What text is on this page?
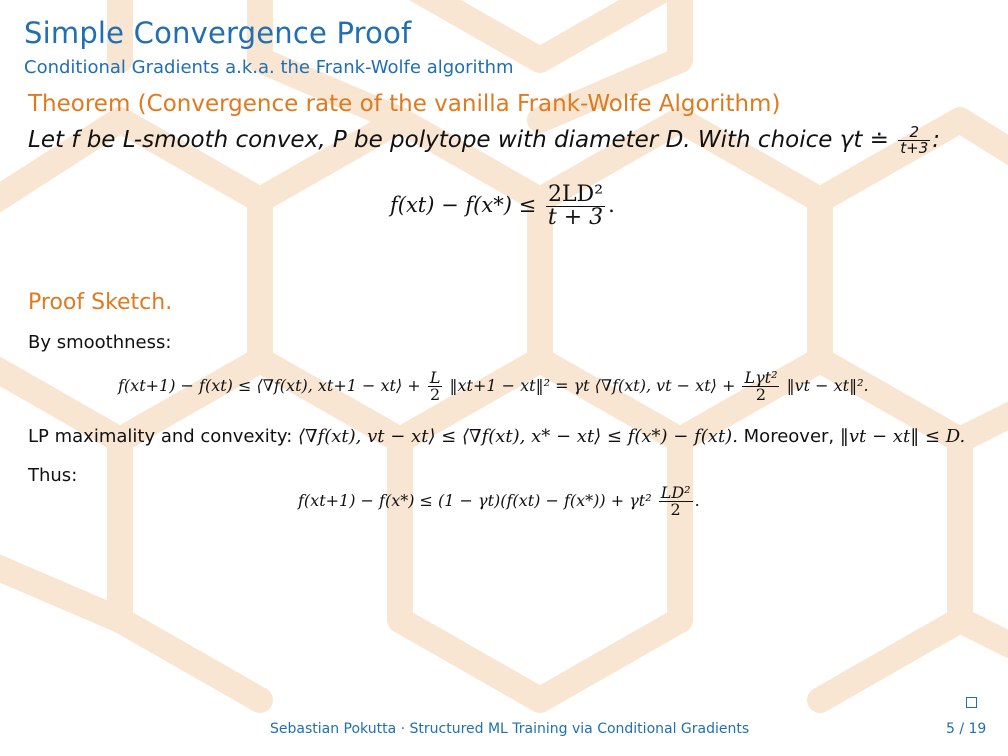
Simple Convergence Proof
Conditional Gradients a.k.a. the Frank-Wolfe algorithm
Theorem (Convergence rate of the vanilla Frank-Wolfe Algorithm)
Let f be L-smooth convex, P be polytope with diameter D. With choice γt ≐ $\frac{2}{t+3}$ :
$f(xt) - f(x*) \le \frac{\text{2LD²}}{t + 3}$ .
Proof Sketch.
By smoothness:
f(xt+1) − f(xt) ≤ ⟨∇f(xt), xt+1 − xt⟩ + $\frac{L}{2}$ ‖xt+1 − xt‖² = γt ⟨∇f(xt), vt − xt⟩ + $\frac{\text{Lγt²}}{2}$ ‖vt − xt‖².
LP maximality and convexity: ⟨∇f(xt), vt − xt⟩ ≤ ⟨∇f(xt), x* − xt⟩ ≤ f(x*) − f(xt). Moreover, ‖vt − xt‖ ≤ D.
Thus:
$f(xt+1) - f(x*) \le (1 - \gamma t)(f(xt) - f(x*)) + \gamma t^2 \frac{\text{LD²}}{2}$ .
Sebastian Pokutta · Structured ML Training via Conditional Gradients	5 / 19
